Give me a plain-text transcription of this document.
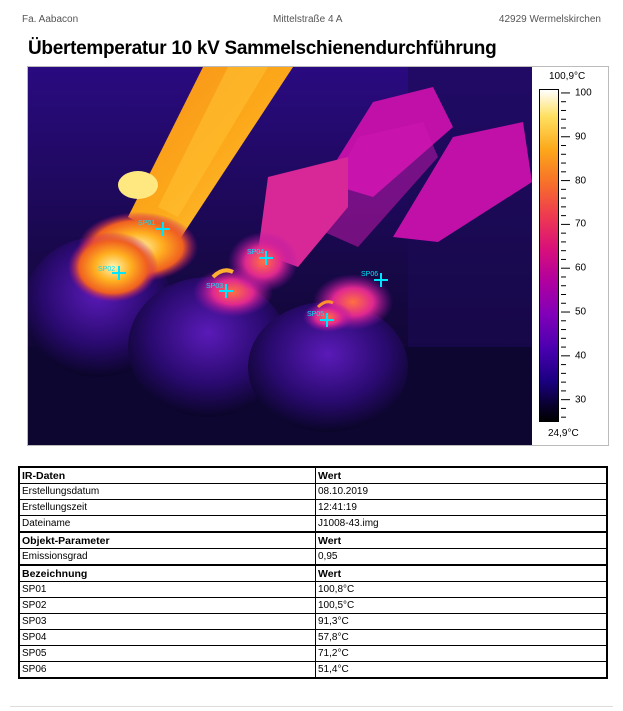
Fa. Aabacon	Mittelstraße 4 A	42929 Wermelskirchen
Übertemperatur 10 kV Sammelschienendurchführung
SP01
SP02
SP03
SP04
SP05
SP06
100,9°C
100
90
80
70
60
50
40
30
24,9°C
IR-Daten	Wert
Erstellungsdatum	08.10.2019
Erstellungszeit	12:41:19
Dateiname	J1008-43.img
Objekt-Parameter	Wert
Emissionsgrad	0,95
Bezeichnung	Wert
SP01	100,8°C
SP02	100,5°C
SP03	91,3°C
SP04	57,8°C
SP05	71,2°C
SP06	51,4°C
